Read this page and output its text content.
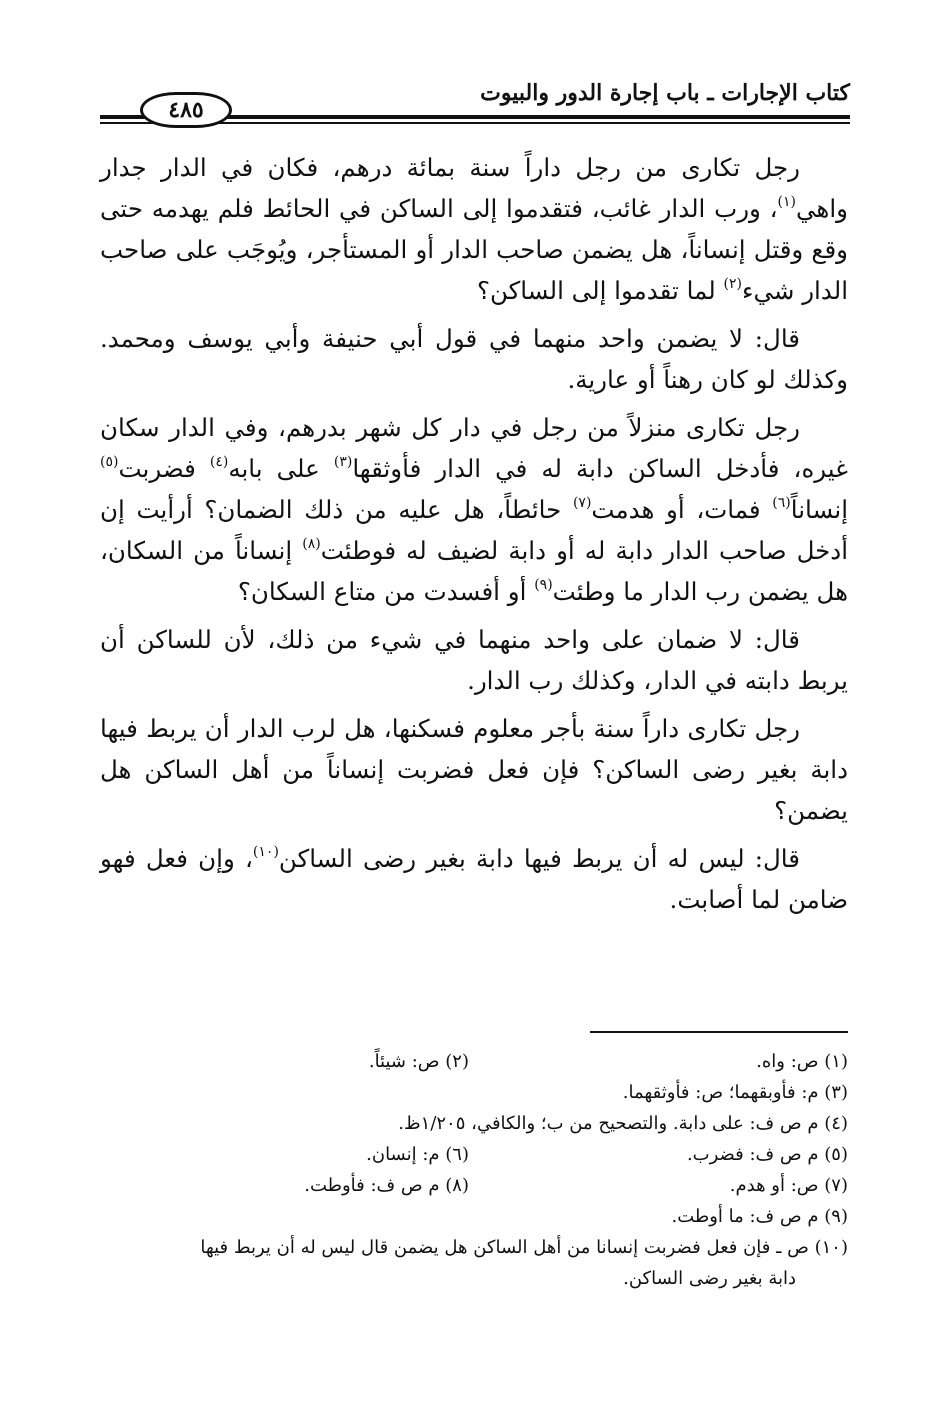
كتاب الإجارات ـ باب إجارة الدور والبيوت
٤٨٥

رجل تكارى من رجل داراً سنة بمائة درهم، فكان في الدار جدار واهي$^{(١)}$، ورب الدار غائب، فتقدموا إلى الساكن في الحائط فلم يهدمه حتى وقع وقتل إنساناً، هل يضمن صاحب الدار أو المستأجر، ويُوجَب على صاحب الدار شيء$^{(٢)}$ لما تقدموا إلى الساكن؟

قال: لا يضمن واحد منهما في قول أبي حنيفة وأبي يوسف ومحمد. وكذلك لو كان رهناً أو عارية.

رجل تكارى منزلاً من رجل في دار كل شهر بدرهم، وفي الدار سكان غيره، فأدخل الساكن دابة له في الدار فأوثقها$^{(٣)}$ على بابه$^{(٤)}$ فضربت$^{(٥)}$ إنساناً$^{(٦)}$ فمات، أو هدمت$^{(٧)}$ حائطاً، هل عليه من ذلك الضمان؟ أرأيت إن أدخل صاحب الدار دابة له أو دابة لضيف له فوطئت$^{(٨)}$ إنساناً من السكان، هل يضمن رب الدار ما وطئت$^{(٩)}$ أو أفسدت من متاع السكان؟

قال: لا ضمان على واحد منهما في شيء من ذلك، لأن للساكن أن يربط دابته في الدار، وكذلك رب الدار.

رجل تكارى داراً سنة بأجر معلوم فسكنها، هل لرب الدار أن يربط فيها دابة بغير رضى الساكن؟ فإن فعل فضربت إنساناً من أهل الساكن هل يضمن؟

قال: ليس له أن يربط فيها دابة بغير رضى الساكن$^{(١٠)}$، وإن فعل فهو ضامن لما أصابت.

(١) ص: واه.
(٢) ص: شيئاً.
(٣) م: فأوبقهما؛ ص: فأوثقهما.
(٤) م ص ف: على دابة. والتصحيح من ب؛ والكافي، ١/٢٠٥ظ.
(٥) م ص ف: فضرب.
(٦) م: إنسان.
(٧) ص: أو هدم.
(٨) م ص ف: فأوطت.
(٩) م ص ف: ما أوطت.
(١٠) ص ـ فإن فعل فضربت إنسانا من أهل الساكن هل يضمن قال ليس له أن يربط فيها
دابة بغير رضى الساكن.
